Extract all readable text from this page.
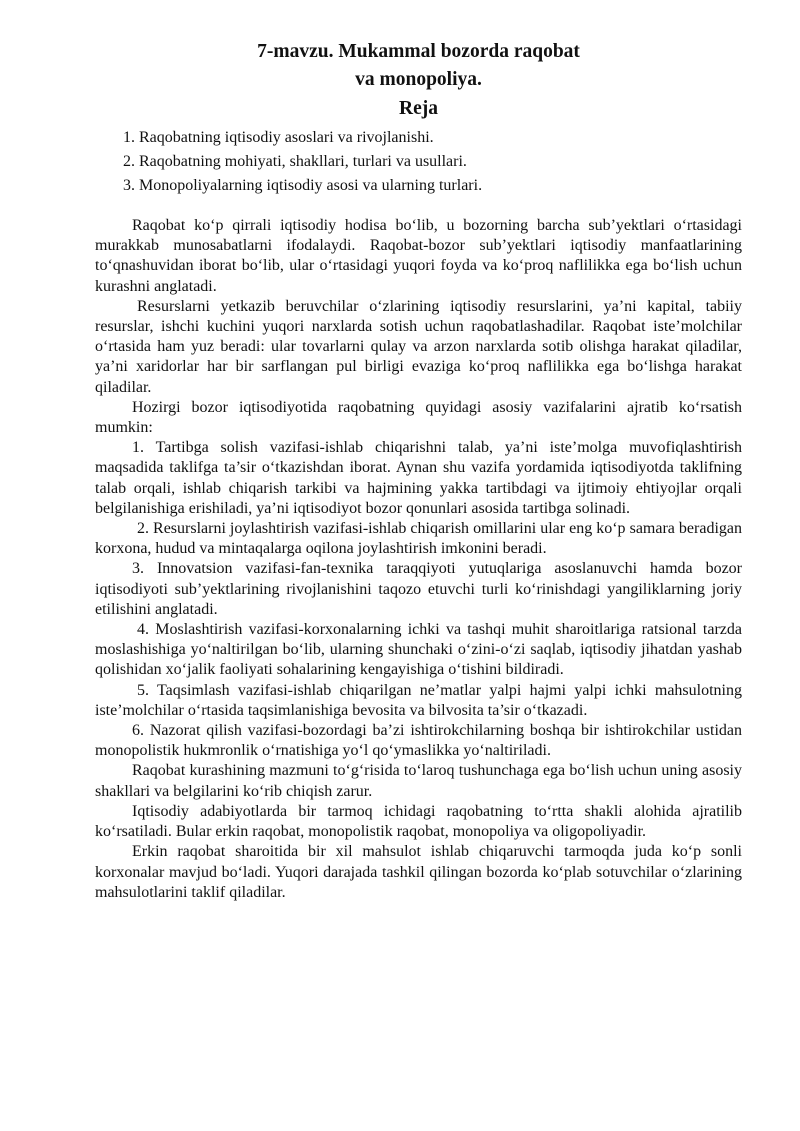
7-mavzu. Mukammal bozorda raqobat
va monopoliya.
Reja
1. Raqobatning iqtisodiy asoslari va rivojlanishi.
2. Raqobatning mohiyati, shakllari, turlari va usullari.
3. Monopoliyalarning iqtisodiy asosi va ularning turlari.

Raqobat koʻp qirrali iqtisodiy hodisa boʻlib, u bozorning barcha sub’yektlari oʻrtasidagi murakkab munosabatlarni ifodalaydi. Raqobat-bozor sub’yektlari iqtisodiy manfaatlarining toʻqnashuvidan iborat boʻlib, ular oʻrtasidagi yuqori foyda va koʻproq naflilikka ega boʻlish uchun kurashni anglatadi.

Resurslarni yetkazib beruvchilar oʻzlarining iqtisodiy resurslarini, ya’ni kapital, tabiiy resurslar, ishchi kuchini yuqori narxlarda sotish uchun raqobatlashadilar. Raqobat iste’molchilar oʻrtasida ham yuz beradi: ular tovarlarni qulay va arzon narxlarda sotib olishga harakat qiladilar, ya’ni xaridorlar har bir sarflangan pul birligi evaziga koʻproq naflilikka ega boʻlishga harakat qiladilar.

Hozirgi bozor iqtisodiyotida raqobatning quyidagi asosiy vazifalarini ajratib koʻrsatish mumkin:

1. Tartibga solish vazifasi-ishlab chiqarishni talab, ya’ni iste’molga muvofiqlashtirish maqsadida taklifga ta’sir oʻtkazishdan iborat. Aynan shu vazifa yordamida iqtisodiyotda taklifning talab orqali, ishlab chiqarish tarkibi va hajmining yakka tartibdagi va ijtimoiy ehtiyojlar orqali belgilanishiga erishiladi, ya’ni iqtisodiyot bozor qonunlari asosida tartibga solinadi.

2. Resurslarni joylashtirish vazifasi-ishlab chiqarish omillarini ular eng koʻp samara beradigan korxona, hudud va mintaqalarga oqilona joylashtirish imkonini beradi.

3. Innovatsion vazifasi-fan-texnika taraqqiyoti yutuqlariga asoslanuvchi hamda bozor iqtisodiyoti sub’yektlarining rivojlanishini taqozo etuvchi turli koʻrinishdagi yangiliklarning joriy etilishini anglatadi.

4. Moslashtirish vazifasi-korxonalarning ichki va tashqi muhit sharoitlariga ratsional tarzda moslashishiga yoʻnaltirilgan boʻlib, ularning shunchaki oʻzini-oʻzi saqlab, iqtisodiy jihatdan yashab qolishidan xoʻjalik faoliyati sohalarining kengayishiga oʻtishini bildiradi.

5. Taqsimlash vazifasi-ishlab chiqarilgan ne’matlar yalpi hajmi yalpi ichki mahsulotning iste’molchilar oʻrtasida taqsimlanishiga bevosita va bilvosita ta’sir oʻtkazadi.

6. Nazorat qilish vazifasi-bozordagi ba’zi ishtirokchilarning boshqa bir ishtirokchilar ustidan monopolistik hukmronlik oʻrnatishiga yoʻl qoʻymaslikka yoʻnaltiriladi.

Raqobat kurashining mazmuni toʻgʻrisida toʻlaroq tushunchaga ega boʻlish uchun uning asosiy shakllari va belgilarini koʻrib chiqish zarur.

Iqtisodiy adabiyotlarda bir tarmoq ichidagi raqobatning toʻrtta shakli alohida ajratilib koʻrsatiladi. Bular erkin raqobat, monopolistik raqobat, monopoliya va oligopoliyadir.

Erkin raqobat sharoitida bir xil mahsulot ishlab chiqaruvchi tarmoqda juda koʻp sonli korxonalar mavjud boʻladi. Yuqori darajada tashkil qilingan bozorda koʻplab sotuvchilar oʻzlarining mahsulotlarini taklif qiladilar.
